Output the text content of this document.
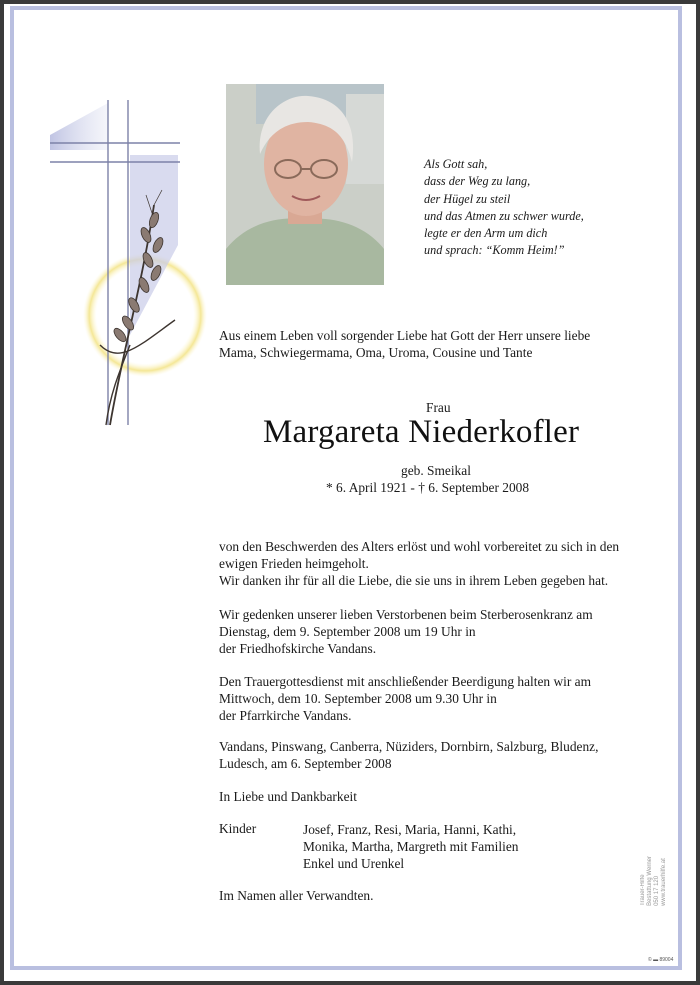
Als Gott sah,
dass der Weg zu lang,
der Hügel zu steil
und das Atmen zu schwer wurde,
legte er den Arm um dich
und sprach: “Komm Heim!”
Aus einem Leben voll sorgender Liebe hat Gott der Herr unsere liebe
Mama, Schwiegermama, Oma, Uroma, Cousine und Tante
Frau
Margareta Niederkofler
geb. Smeikal
* 6. April 1921 - † 6. September 2008
von den Beschwerden des Alters erlöst und wohl vorbereitet zu sich in den
ewigen Frieden heimgeholt.
Wir danken ihr für all die Liebe, die sie uns in ihrem Leben gegeben hat.
Wir gedenken unserer lieben Verstorbenen beim Sterberosenkranz am
Dienstag, dem 9. September 2008 um 19 Uhr in
der Friedhofskirche Vandans.
Den Trauergottesdienst mit anschließender Beerdigung halten wir am
Mittwoch, dem 10. September 2008 um 9.30 Uhr in
der Pfarrkirche Vandans.
Vandans, Pinswang, Canberra, Nüziders, Dornbirn, Salzburg, Bludenz,
Ludesch, am 6. September 2008
In Liebe und Dankbarkeit
Kinder	Josef, Franz, Resi, Maria, Hanni, Kathi,
Monika, Martha, Margreth mit Familien
Enkel und Urenkel
Im Namen aller Verwandten.	Trauer-Hilfe Bestattung Werner 050 17 120 www.trauerhilfe.at
© ▬ 89004
